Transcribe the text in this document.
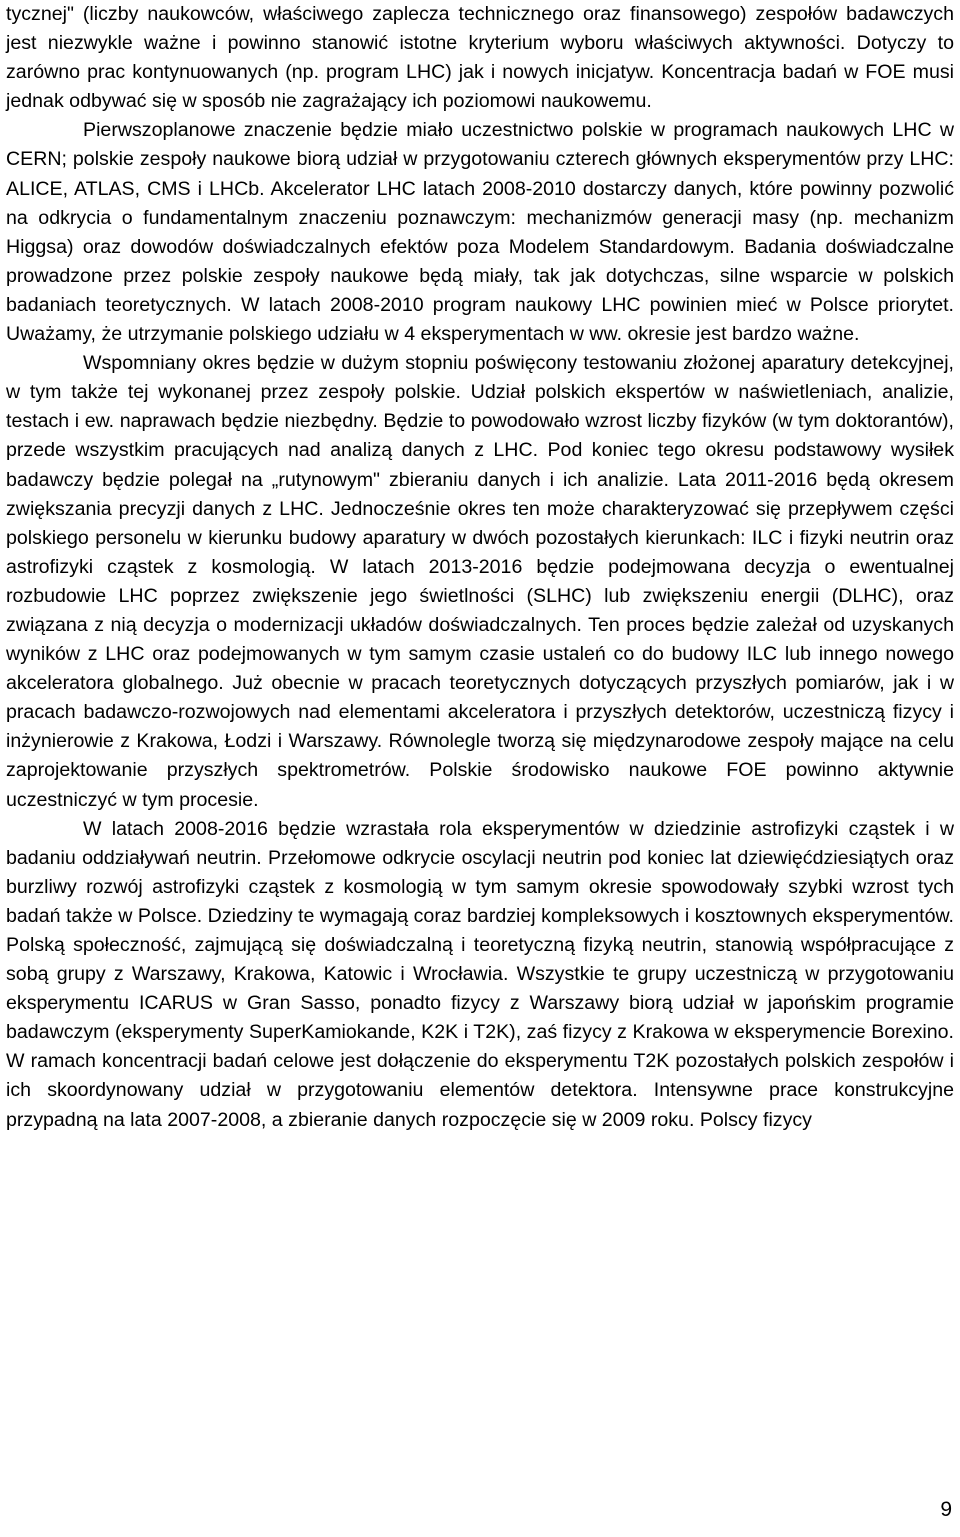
tycznej" (liczby naukowców, właściwego zaplecza technicznego oraz finansowego) zespołów badawczych jest niezwykle ważne i powinno stanowić istotne kryterium wyboru właściwych aktywności. Dotyczy to zarówno prac kontynuowanych (np. program LHC) jak i nowych inicjatyw. Koncentracja badań w FOE musi jednak odbywać się w sposób nie zagrażający ich poziomowi naukowemu.

Pierwszoplanowe znaczenie będzie miało uczestnictwo polskie w programach naukowych LHC w CERN; polskie zespoły naukowe biorą udział w przygotowaniu czterech głównych eksperymentów przy LHC: ALICE, ATLAS, CMS i LHCb. Akcelerator LHC latach 2008-2010 dostarczy danych, które powinny pozwolić na odkrycia o fundamentalnym znaczeniu poznawczym: mechanizmów generacji masy (np. mechanizm Higgsa) oraz dowodów doświadczalnych efektów poza Modelem Standardowym. Badania doświadczalne prowadzone przez polskie zespoły naukowe będą miały, tak jak dotychczas, silne wsparcie w polskich badaniach teoretycznych. W latach 2008-2010 program naukowy LHC powinien mieć w Polsce priorytet. Uważamy, że utrzymanie polskiego udziału w 4 eksperymentach w ww. okresie jest bardzo ważne.

Wspomniany okres będzie w dużym stopniu poświęcony testowaniu złożonej aparatury detekcyjnej, w tym także tej wykonanej przez zespoły polskie. Udział polskich ekspertów w naświetleniach, analizie, testach i ew. naprawach będzie niezbędny. Będzie to powodowało wzrost liczby fizyków (w tym doktorantów), przede wszystkim pracujących nad analizą danych z LHC. Pod koniec tego okresu podstawowy wysiłek badawczy będzie polegał na „rutynowym" zbieraniu danych i ich analizie. Lata 2011-2016 będą okresem zwiększania precyzji danych z LHC. Jednocześnie okres ten może charakteryzować się przepływem części polskiego personelu w kierunku budowy aparatury w dwóch pozostałych kierunkach: ILC i fizyki neutrin oraz astrofizyki cząstek z kosmologią. W latach 2013-2016 będzie podejmowana decyzja o ewentualnej rozbudowie LHC poprzez zwiększenie jego świetlności (SLHC) lub zwiększeniu energii (DLHC), oraz związana z nią decyzja o modernizacji układów doświadczalnych. Ten proces będzie zależał od uzyskanych wyników z LHC oraz podejmowanych w tym samym czasie ustaleń co do budowy ILC lub innego nowego akceleratora globalnego. Już obecnie w pracach teoretycznych dotyczących przyszłych pomiarów, jak i w pracach badawczo-rozwojowych nad elementami akceleratora i przyszłych detektorów, uczestniczą fizycy i inżynierowie z Krakowa, Łodzi i Warszawy. Równolegle tworzą się międzynarodowe zespoły mające na celu zaprojektowanie przyszłych spektrometrów. Polskie środowisko naukowe FOE powinno aktywnie uczestniczyć w tym procesie.

W latach 2008-2016 będzie wzrastała rola eksperymentów w dziedzinie astrofizyki cząstek i w badaniu oddziaływań neutrin. Przełomowe odkrycie oscylacji neutrin pod koniec lat dziewięćdziesiątych oraz burzliwy rozwój astrofizyki cząstek z kosmologią w tym samym okresie spowodowały szybki wzrost tych badań także w Polsce. Dziedziny te wymagają coraz bardziej kompleksowych i kosztownych eksperymentów. Polską społeczność, zajmującą się doświadczalną i teoretyczną fizyką neutrin, stanowią współpracujące z sobą grupy z Warszawy, Krakowa, Katowic i Wrocławia. Wszystkie te grupy uczestniczą w przygotowaniu eksperymentu ICARUS w Gran Sasso, ponadto fizycy z Warszawy biorą udział w japońskim programie badawczym (eksperymenty SuperKamiokande, K2K i T2K), zaś fizycy z Krakowa w eksperymencie Borexino. W ramach koncentracji badań celowe jest dołączenie do eksperymentu T2K pozostałych polskich zespołów i ich skoordynowany udział w przygotowaniu elementów detektora. Intensywne prace konstrukcyjne przypadną na lata 2007-2008, a zbieranie danych rozpoczęcie się w 2009 roku. Polscy fizycy

9
